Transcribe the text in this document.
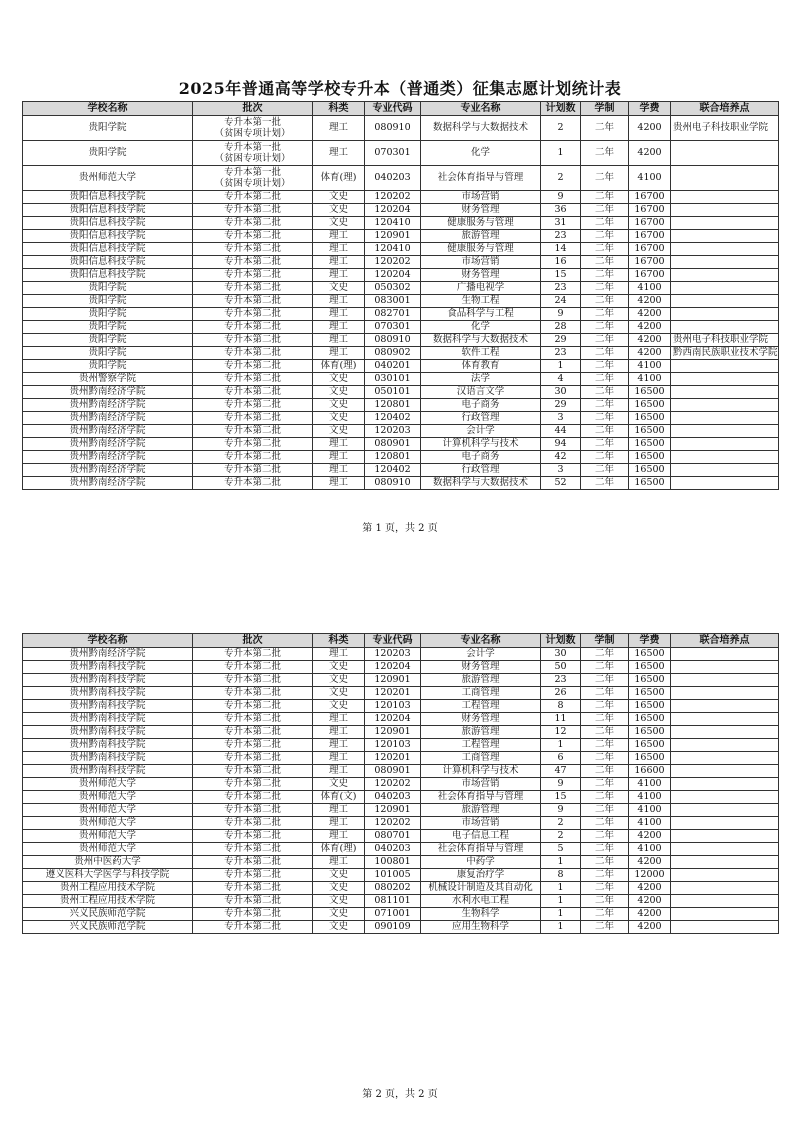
2025年普通高等学校专升本（普通类）征集志愿计划统计表
学校名称	批次	科类	专业代码	专业名称	计划数	学制	学费	联合培养点
贵阳学院	专升本第一批
（贫困专项计划）	理工	080910	数据科学与大数据技术	2	二年	4200	贵州电子科技职业学院
贵阳学院	专升本第一批
（贫困专项计划）	理工	070301	化学	1	二年	4200	
贵州师范大学	专升本第一批
（贫困专项计划）	体育(理)	040203	社会体育指导与管理	2	二年	4100	
贵阳信息科技学院	专升本第二批	文史	120202	市场营销	9	二年	16700	
贵阳信息科技学院	专升本第二批	文史	120204	财务管理	36	二年	16700	
贵阳信息科技学院	专升本第二批	文史	120410	健康服务与管理	31	二年	16700	
贵阳信息科技学院	专升本第二批	理工	120901	旅游管理	23	二年	16700	
贵阳信息科技学院	专升本第二批	理工	120410	健康服务与管理	14	二年	16700	
贵阳信息科技学院	专升本第二批	理工	120202	市场营销	16	二年	16700	
贵阳信息科技学院	专升本第二批	理工	120204	财务管理	15	二年	16700	
贵阳学院	专升本第二批	文史	050302	广播电视学	23	二年	4100	
贵阳学院	专升本第二批	理工	083001	生物工程	24	二年	4200	
贵阳学院	专升本第二批	理工	082701	食品科学与工程	9	二年	4200	
贵阳学院	专升本第二批	理工	070301	化学	28	二年	4200	
贵阳学院	专升本第二批	理工	080910	数据科学与大数据技术	29	二年	4200	贵州电子科技职业学院
贵阳学院	专升本第二批	理工	080902	软件工程	23	二年	4200	黔西南民族职业技术学院
贵阳学院	专升本第二批	体育(理)	040201	体育教育	1	二年	4100	
贵州警察学院	专升本第二批	文史	030101	法学	4	二年	4100	
贵州黔南经济学院	专升本第二批	文史	050101	汉语言文学	30	二年	16500	
贵州黔南经济学院	专升本第二批	文史	120801	电子商务	29	二年	16500	
贵州黔南经济学院	专升本第二批	文史	120402	行政管理	3	二年	16500	
贵州黔南经济学院	专升本第二批	文史	120203	会计学	44	二年	16500	
贵州黔南经济学院	专升本第二批	理工	080901	计算机科学与技术	94	二年	16500	
贵州黔南经济学院	专升本第二批	理工	120801	电子商务	42	二年	16500	
贵州黔南经济学院	专升本第二批	理工	120402	行政管理	3	二年	16500	
贵州黔南经济学院	专升本第二批	理工	080910	数据科学与大数据技术	52	二年	16500	
第 1 页，共 2 页
学校名称	批次	科类	专业代码	专业名称	计划数	学制	学费	联合培养点
贵州黔南经济学院	专升本第二批	理工	120203	会计学	30	二年	16500	
贵州黔南科技学院	专升本第二批	文史	120204	财务管理	50	二年	16500	
贵州黔南科技学院	专升本第二批	文史	120901	旅游管理	23	二年	16500	
贵州黔南科技学院	专升本第二批	文史	120201	工商管理	26	二年	16500	
贵州黔南科技学院	专升本第二批	文史	120103	工程管理	8	二年	16500	
贵州黔南科技学院	专升本第二批	理工	120204	财务管理	11	二年	16500	
贵州黔南科技学院	专升本第二批	理工	120901	旅游管理	12	二年	16500	
贵州黔南科技学院	专升本第二批	理工	120103	工程管理	1	二年	16500	
贵州黔南科技学院	专升本第二批	理工	120201	工商管理	6	二年	16500	
贵州黔南科技学院	专升本第二批	理工	080901	计算机科学与技术	47	二年	16600	
贵州师范大学	专升本第二批	文史	120202	市场营销	9	二年	4100	
贵州师范大学	专升本第二批	体育(文)	040203	社会体育指导与管理	15	二年	4100	
贵州师范大学	专升本第二批	理工	120901	旅游管理	9	二年	4100	
贵州师范大学	专升本第二批	理工	120202	市场营销	2	二年	4100	
贵州师范大学	专升本第二批	理工	080701	电子信息工程	2	二年	4200	
贵州师范大学	专升本第二批	体育(理)	040203	社会体育指导与管理	5	二年	4100	
贵州中医药大学	专升本第二批	理工	100801	中药学	1	二年	4200	
遵义医科大学医学与科技学院	专升本第二批	文史	101005	康复治疗学	8	二年	12000	
贵州工程应用技术学院	专升本第二批	文史	080202	机械设计制造及其自动化	1	二年	4200	
贵州工程应用技术学院	专升本第二批	文史	081101	水利水电工程	1	二年	4200	
兴义民族师范学院	专升本第二批	文史	071001	生物科学	1	二年	4200	
兴义民族师范学院	专升本第二批	文史	090109	应用生物科学	1	二年	4200	
第 2 页，共 2 页
